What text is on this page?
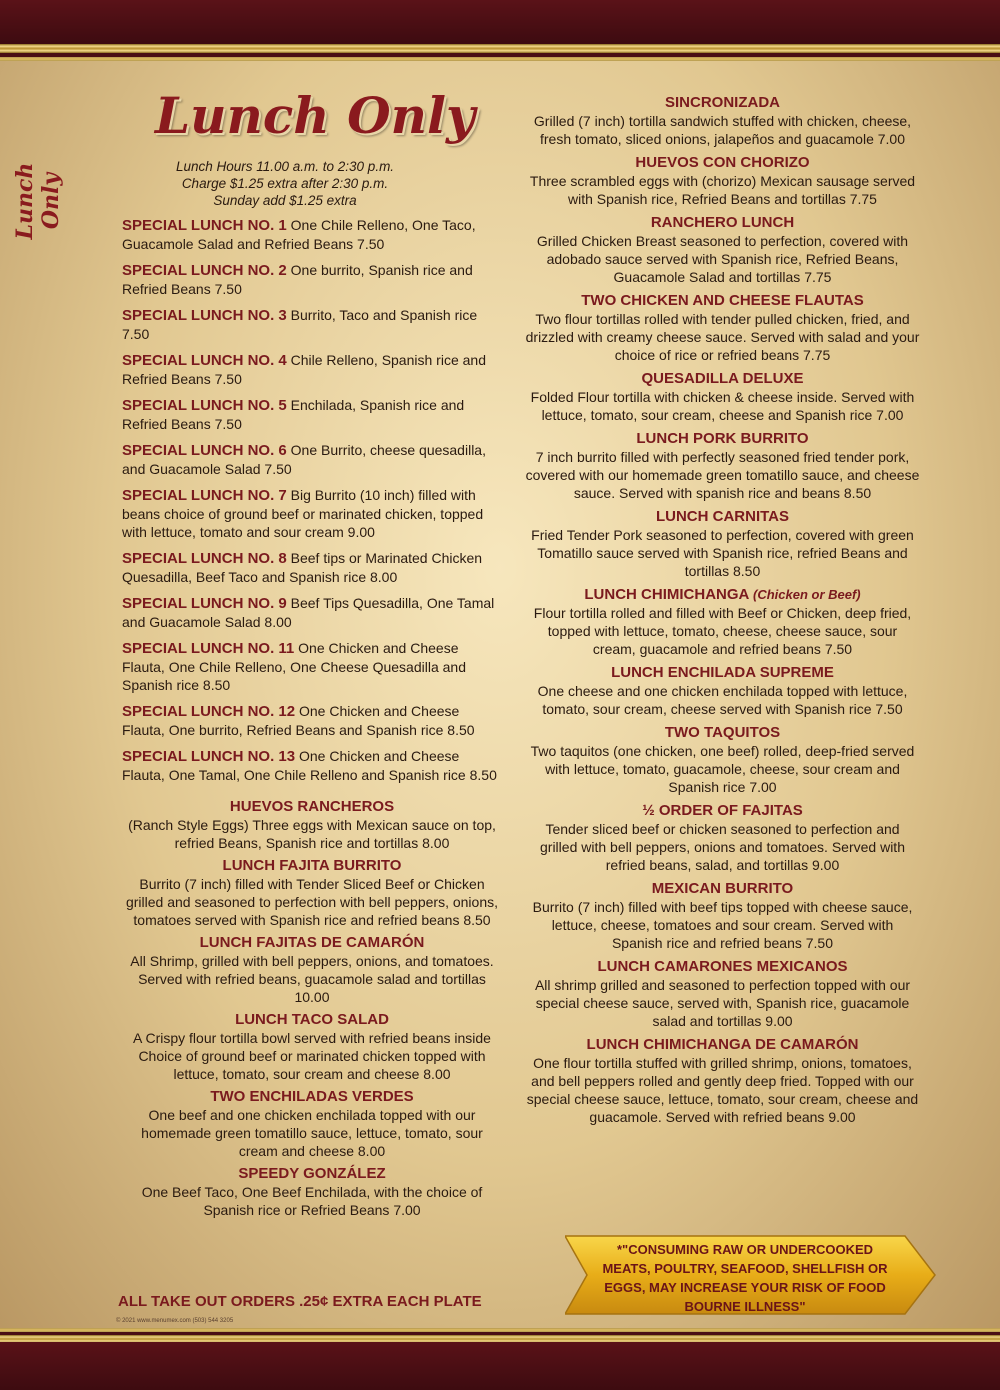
Lunch Only
Lunch Only
Lunch Hours 11.00 a.m. to 2:30 p.m.
Charge $1.25 extra after 2:30 p.m.
Sunday add $1.25 extra
SPECIAL LUNCH NO. 1 One Chile Relleno, One Taco, Guacamole Salad and Refried Beans 7.50
SPECIAL LUNCH NO. 2 One burrito, Spanish rice and Refried Beans 7.50
SPECIAL LUNCH NO. 3 Burrito, Taco and Spanish rice 7.50
SPECIAL LUNCH NO. 4 Chile Relleno, Spanish rice and Refried Beans 7.50
SPECIAL LUNCH NO. 5 Enchilada, Spanish rice and Refried Beans 7.50
SPECIAL LUNCH NO. 6 One Burrito, cheese quesadilla, and Guacamole Salad 7.50
SPECIAL LUNCH NO. 7 Big Burrito (10 inch) filled with beans choice of ground beef or marinated chicken, topped with lettuce, tomato and sour cream 9.00
SPECIAL LUNCH NO. 8 Beef tips or Marinated Chicken Quesadilla, Beef Taco and Spanish rice 8.00
SPECIAL LUNCH NO. 9 Beef Tips Quesadilla, One Tamal and Guacamole Salad 8.00
SPECIAL LUNCH NO. 11 One Chicken and Cheese Flauta, One Chile Relleno, One Cheese Quesadilla and Spanish rice 8.50
SPECIAL LUNCH NO. 12 One Chicken and Cheese Flauta, One burrito, Refried Beans and Spanish rice 8.50
SPECIAL LUNCH NO. 13 One Chicken and Cheese Flauta, One Tamal, One Chile Relleno and Spanish rice 8.50
HUEVOS RANCHEROS
(Ranch Style Eggs) Three eggs with Mexican sauce on top, refried Beans, Spanish rice and tortillas 8.00
LUNCH FAJITA BURRITO
Burrito (7 inch) filled with Tender Sliced Beef or Chicken grilled and seasoned to perfection with bell peppers, onions, tomatoes served with Spanish rice and refried beans 8.50
LUNCH FAJITAS DE CAMARÓN
All Shrimp, grilled with bell peppers, onions, and tomatoes. Served with refried beans, guacamole salad and tortillas 10.00
LUNCH TACO SALAD
A Crispy flour tortilla bowl served with refried beans inside Choice of ground beef or marinated chicken topped with lettuce, tomato, sour cream and cheese 8.00
TWO ENCHILADAS VERDES
One beef and one chicken enchilada topped with our homemade green tomatillo sauce, lettuce, tomato, sour cream and cheese 8.00
SPEEDY GONZÁLEZ
One Beef Taco, One Beef Enchilada, with the choice of Spanish rice or Refried Beans 7.00
SINCRONIZADA
Grilled (7 inch) tortilla sandwich stuffed with chicken, cheese, fresh tomato, sliced onions, jalapeños and guacamole 7.00
HUEVOS CON CHORIZO
Three scrambled eggs with (chorizo) Mexican sausage served with Spanish rice, Refried Beans and tortillas 7.75
RANCHERO LUNCH
Grilled Chicken Breast seasoned to perfection, covered with adobado sauce served with Spanish rice, Refried Beans, Guacamole Salad and tortillas 7.75
TWO CHICKEN AND CHEESE FLAUTAS
Two flour tortillas rolled with tender pulled chicken, fried, and drizzled with creamy cheese sauce. Served with salad and your choice of rice or refried beans 7.75
QUESADILLA DELUXE
Folded Flour tortilla with chicken & cheese inside. Served with lettuce, tomato, sour cream, cheese and Spanish rice 7.00
LUNCH PORK BURRITO
7 inch burrito filled with perfectly seasoned fried tender pork, covered with our homemade green tomatillo sauce, and cheese sauce. Served with spanish rice and beans 8.50
LUNCH CARNITAS
Fried Tender Pork seasoned to perfection, covered with green Tomatillo sauce served with Spanish rice, refried Beans and tortillas 8.50
LUNCH CHIMICHANGA (Chicken or Beef)
Flour tortilla rolled and filled with Beef or Chicken, deep fried, topped with lettuce, tomato, cheese, cheese sauce, sour cream, guacamole and refried beans 7.50
LUNCH ENCHILADA SUPREME
One cheese and one chicken enchilada topped with lettuce, tomato, sour cream, cheese served with Spanish rice 7.50
TWO TAQUITOS
Two taquitos (one chicken, one beef) rolled, deep-fried served with lettuce, tomato, guacamole, cheese, sour cream and Spanish rice 7.00
½ ORDER OF FAJITAS
Tender sliced beef or chicken seasoned to perfection and grilled with bell peppers, onions and tomatoes. Served with refried beans, salad, and tortillas 9.00
MEXICAN BURRITO
Burrito (7 inch) filled with beef tips topped with cheese sauce, lettuce, cheese, tomatoes and sour cream. Served with Spanish rice and refried beans 7.50
LUNCH CAMARONES MEXICANOS
All shrimp grilled and seasoned to perfection topped with our special cheese sauce, served with, Spanish rice, guacamole salad and tortillas 9.00
LUNCH CHIMICHANGA DE CAMARÓN
One flour tortilla stuffed with grilled shrimp, onions, tomatoes, and bell peppers rolled and gently deep fried. Topped with our special cheese sauce, lettuce, tomato, sour cream, cheese and guacamole. Served with refried beans 9.00
ALL TAKE OUT ORDERS .25¢ EXTRA EACH PLATE
© 2021 www.menumex.com (503) 544 3205
*"CONSUMING RAW OR UNDERCOOKED MEATS, POULTRY, SEAFOOD, SHELLFISH OR EGGS, MAY INCREASE YOUR RISK OF FOOD BOURNE ILLNESS"
